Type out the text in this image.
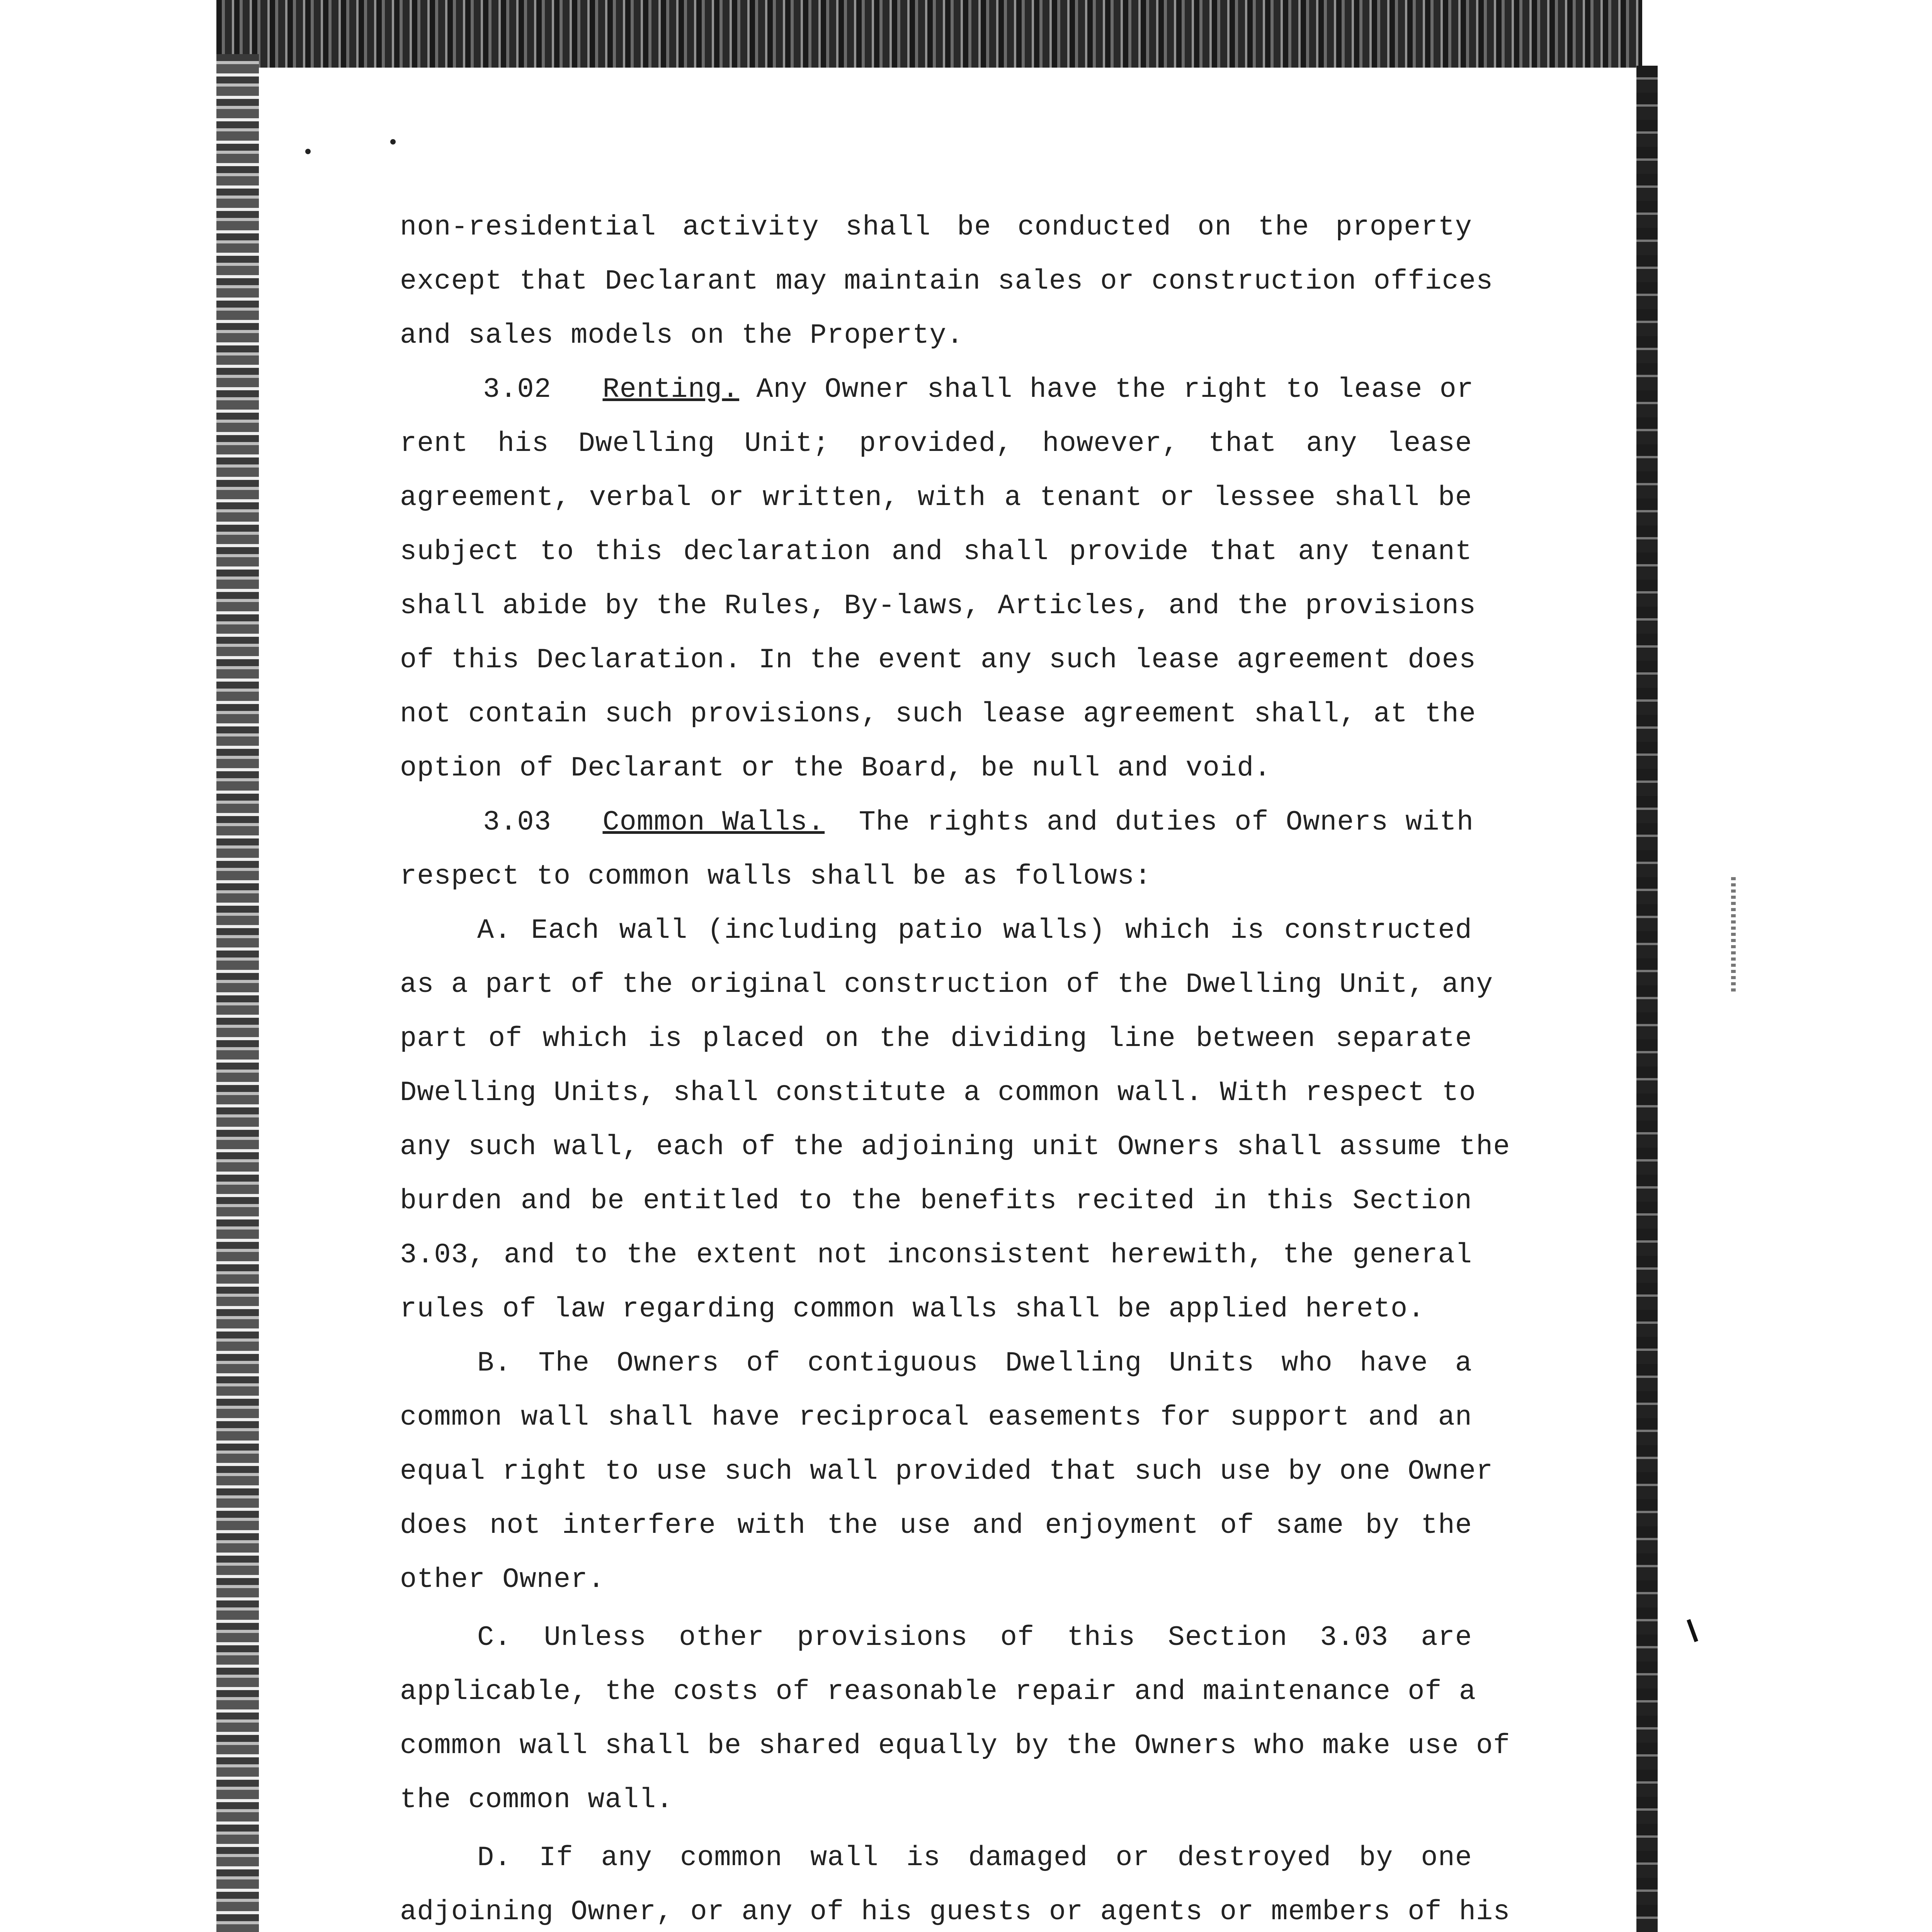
non-residential activity shall be conducted on the property
except that Declarant may maintain sales or construction offices
and sales models on the Property.
3.02 Renting. Any Owner shall have the right to lease or
rent his Dwelling Unit; provided, however, that any lease
agreement, verbal or written, with a tenant or lessee shall be
subject to this declaration and shall provide that any tenant
shall abide by the Rules, By-laws, Articles, and the provisions
of this Declaration. In the event any such lease agreement does
not contain such provisions, such lease agreement shall, at the
option of Declarant or the Board, be null and void.
3.03 Common Walls. The rights and duties of Owners with
respect to common walls shall be as follows:
A. Each wall (including patio walls) which is constructed
as a part of the original construction of the Dwelling Unit, any
part of which is placed on the dividing line between separate
Dwelling Units, shall constitute a common wall. With respect to
any such wall, each of the adjoining unit Owners shall assume the
burden and be entitled to the benefits recited in this Section
3.03, and to the extent not inconsistent herewith, the general
rules of law regarding common walls shall be applied hereto.
B. The Owners of contiguous Dwelling Units who have a
common wall shall have reciprocal easements for support and an
equal right to use such wall provided that such use by one Owner
does not interfere with the use and enjoyment of same by the
other Owner.
C. Unless other provisions of this Section 3.03 are
applicable, the costs of reasonable repair and maintenance of a
common wall shall be shared equally by the Owners who make use of
the common wall.
D. If any common wall is damaged or destroyed by one
adjoining Owner, or any of his guests or agents or members of his
